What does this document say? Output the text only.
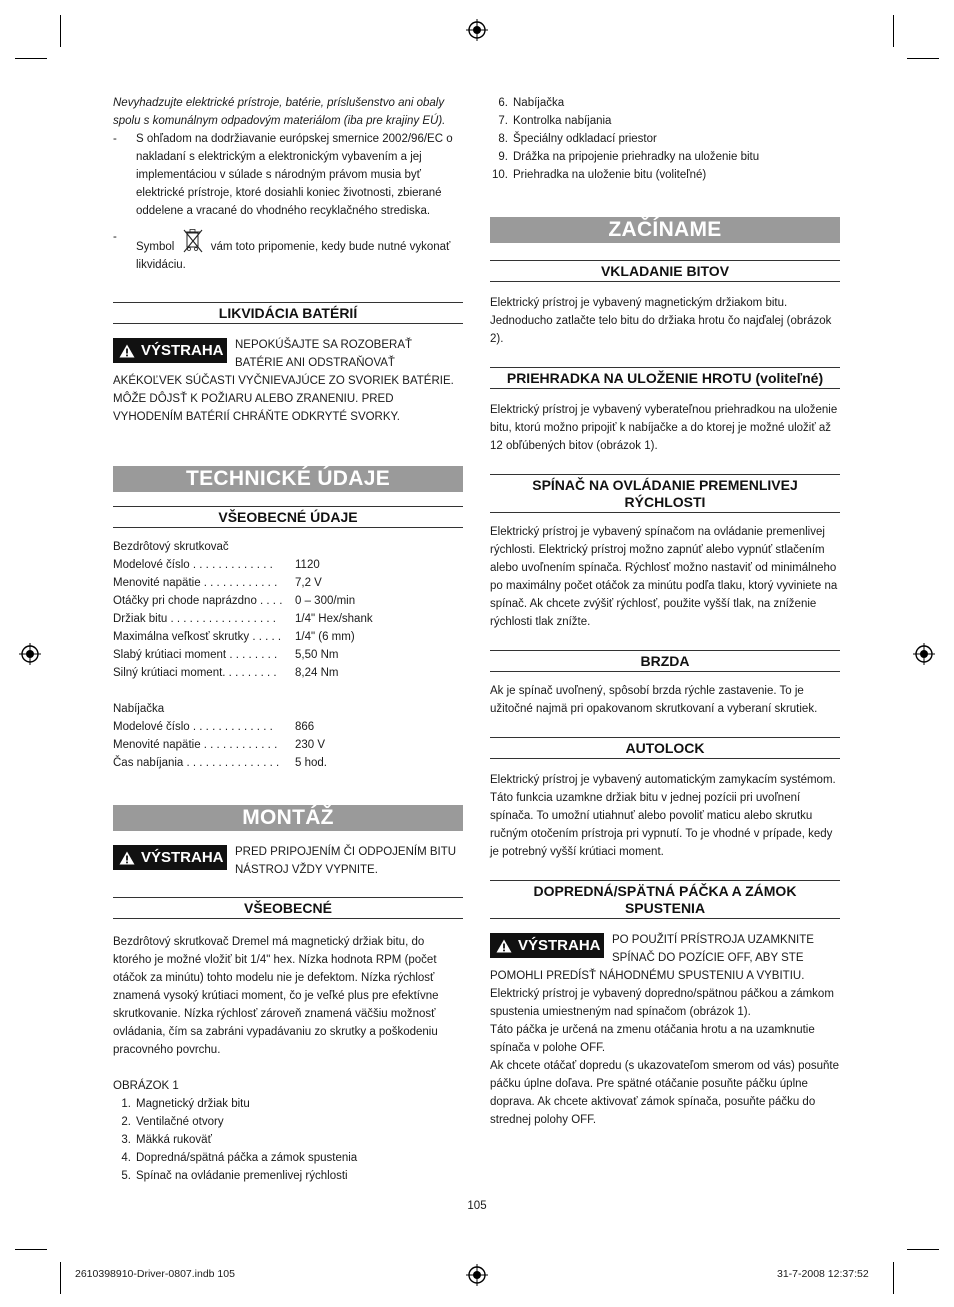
Nevyhadzujte elektrické prístroje, batérie, príslušenstvo ani obaly spolu s komunálnym odpadovým materiálom (iba pre krajiny EÚ).

-	S ohľadom na dodržiavanie európskej smernice 2002/96/EC o nakladaní s elektrickým a elektronickým vybavením a jej implementáciou v súlade s národným právom musia byť elektrické prístroje, ktoré dosiahli koniec životnosti, zbierané oddelene a vracané do vhodného recyklačného strediska.
-
Symbol	vám toto pripomenie, kedy bude nutné vykonať likvidáciu.
LIKVIDÁCIA BATÉRIÍ
VÝSTRAHA NEPOKÚŠAJTE SA ROZOBERAŤ BATÉRIE ANI ODSTRAŇOVAŤ AKÉKOĽVEK SÚČASTI VYČNIEVAJÚCE ZO SVORIEK BATÉRIE. MÔŽE DÔJSŤ K POŽIARU ALEBO ZRANENIU. PRED VYHODENÍM BATÉRIÍ CHRÁŇTE ODKRYTÉ SVORKY.
TECHNICKÉ ÚDAJE
VŠEOBECNÉ ÚDAJE

Bezdrôtový skrutkovač

Modelové číslo . . . . . . . . . . . . .	1120
Menovité napätie . . . . . . . . . . . .	7,2 V
Otáčky pri chode naprázdno . . . .	0 – 300/min
Držiak bitu . . . . . . . . . . . . . . . . .	1/4" Hex/shank
Maximálna veľkosť skrutky . . . . .	1/4" (6 mm)
Slabý krútiaci moment . . . . . . . .	5,50 Nm
Silný krútiaci moment. . . . . . . . .	8,24 Nm

Nabíjačka

Modelové číslo . . . . . . . . . . . . .	866
Menovité napätie . . . . . . . . . . . .	230 V
Čas nabíjania . . . . . . . . . . . . . . .	5 hod.
MONTÁŽ
VÝSTRAHA PRED PRIPOJENÍM ČI ODPOJENÍM BITU NÁSTROJ VŽDY VYPNITE.
VŠEOBECNÉ

Bezdrôtový skrutkovač Dremel má magnetický držiak bitu, do ktorého je možné vložiť bit 1/4" hex. Nízka hodnota RPM (počet otáčok za minútu) tohto modelu nie je defektom. Nízka rýchlosť znamená vysoký krútiaci moment, čo je veľké plus pre efektívne skrutkovanie. Nízka rýchlosť zároveň znamená väčšiu možnosť ovládania, čím sa zabráni vypadávaniu zo skrutky a poškodeniu pracovného povrchu.

OBRÁZOK 1

1. Magnetický držiak bitu
2. Ventilačné otvory
3. Mäkká rukoväť
4. Dopredná/spätná páčka a zámok spustenia
5. Spínač na ovládanie premenlivej rýchlosti
6. Nabíjačka
7. Kontrolka nabíjania
8. Špeciálny odkladací priestor
9. Drážka na pripojenie priehradky na uloženie bitu
10. Priehradka na uloženie bitu (voliteľné)
ZAČÍNAME
VKLADANIE BITOV

Elektrický prístroj je vybavený magnetickým držiakom bitu. Jednoducho zatlačte telo bitu do držiaka hrotu čo najďalej (obrázok 2).

PRIEHRADKA NA ULOŽENIE HROTU (voliteľné)

Elektrický prístroj je vybavený vyberateľnou priehradkou na uloženie bitu, ktorú možno pripojiť k nabíjačke a do ktorej je možné uložiť až 12 obľúbených bitov (obrázok 1).

SPÍNAČ NA OVLÁDANIE PREMENLIVEJ RÝCHLOSTI

Elektrický prístroj je vybavený spínačom na ovládanie premenlivej rýchlosti. Elektrický prístroj možno zapnúť alebo vypnúť stlačením alebo uvoľnením spínača. Rýchlosť možno nastaviť od minimálneho po maximálny počet otáčok za minútu podľa tlaku, ktorý vyviniete na spínač. Ak chcete zvýšiť rýchlosť, použite vyšší tlak, na zníženie rýchlosti tlak znížte.

BRZDA

Ak je spínač uvoľnený, spôsobí brzda rýchle zastavenie. To je užitočné najmä pri opakovanom skrutkovaní a vyberaní skrutiek.

AUTOLOCK

Elektrický prístroj je vybavený automatickým zamykacím systémom. Táto funkcia uzamkne držiak bitu v jednej pozícii pri uvoľnení spínača. To umožní utiahnuť alebo povoliť maticu alebo skrutku ručným otočením prístroja pri vypnutí. To je vhodné v prípade, kedy je potrebný vyšší krútiaci moment.

DOPREDNÁ/SPÄTNÁ PÁČKA A ZÁMOK SPUSTENIA
VÝSTRAHA PO POUŽITÍ PRÍSTROJA UZAMKNITE SPÍNAČ DO POZÍCIE OFF, ABY STE POMOHLI PREDÍSŤ NÁHODNÉMU SPUSTENIU A VYBITIU.

Elektrický prístroj je vybavený dopredno/spätnou páčkou a zámkom spustenia umiestneným nad spínačom (obrázok 1).

Táto páčka je určená na zmenu otáčania hrotu a na uzamknutie spínača v polohe OFF.

Ak chcete otáčať dopredu (s ukazovateľom smerom od vás) posuňte páčku úplne doľava. Pre spätné otáčanie posuňte páčku úplne doprava. Ak chcete aktivovať zámok spínača, posuňte páčku do strednej polohy OFF.

105
2610398910-Driver-0807.indb 105	31-7-2008 12:37:52
